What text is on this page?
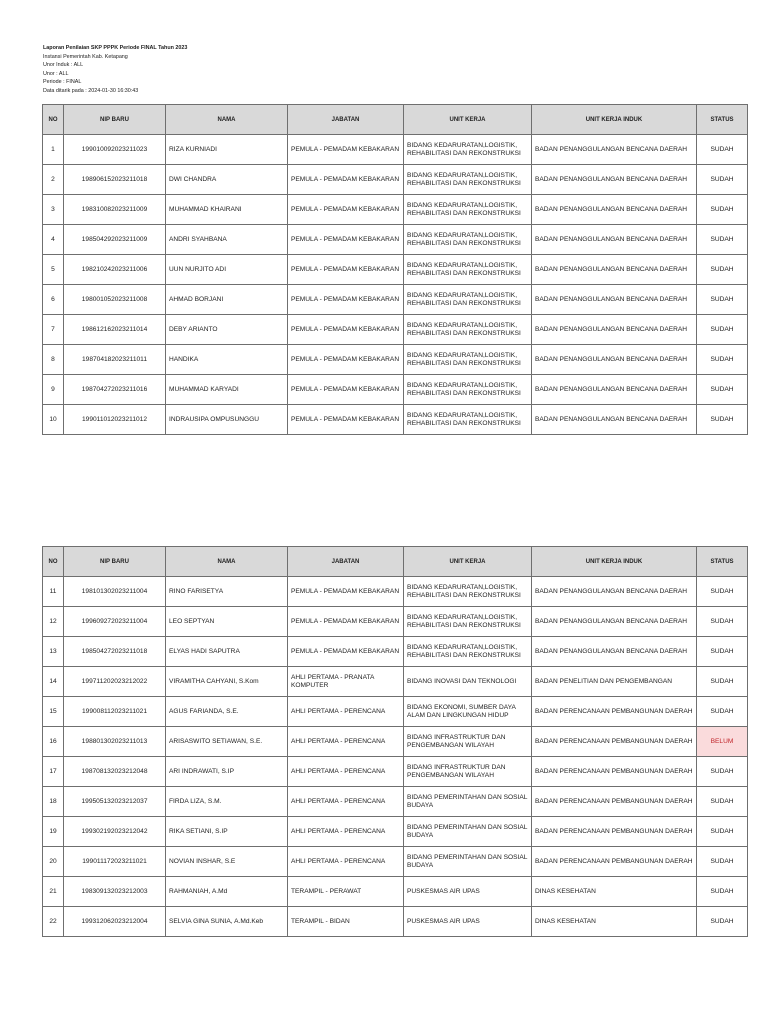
Laporan Penilaian SKP PPPK Periode FINAL Tahun 2023
Instansi Pemerintah Kab. Ketapang
Unor Induk : ALL
Unor : ALL
Periode : FINAL
Data ditarik pada : 2024-01-30 16:30:43
NO	NIP BARU	NAMA	JABATAN	UNIT KERJA	UNIT KERJA INDUK	STATUS
1	199010092023211023	RIZA KURNIADI	PEMULA - PEMADAM KEBAKARAN	BIDANG KEDARURATAN,LOGISTIK, REHABILITASI DAN REKONSTRUKSI	BADAN PENANGGULANGAN BENCANA DAERAH	SUDAH
2	198906152023211018	DWI CHANDRA	PEMULA - PEMADAM KEBAKARAN	BIDANG KEDARURATAN,LOGISTIK, REHABILITASI DAN REKONSTRUKSI	BADAN PENANGGULANGAN BENCANA DAERAH	SUDAH
3	198310082023211009	MUHAMMAD KHAIRANI	PEMULA - PEMADAM KEBAKARAN	BIDANG KEDARURATAN,LOGISTIK, REHABILITASI DAN REKONSTRUKSI	BADAN PENANGGULANGAN BENCANA DAERAH	SUDAH
4	198504292023211009	ANDRI SYAHBANA	PEMULA - PEMADAM KEBAKARAN	BIDANG KEDARURATAN,LOGISTIK, REHABILITASI DAN REKONSTRUKSI	BADAN PENANGGULANGAN BENCANA DAERAH	SUDAH
5	198210242023211006	UUN NURJITO ADI	PEMULA - PEMADAM KEBAKARAN	BIDANG KEDARURATAN,LOGISTIK, REHABILITASI DAN REKONSTRUKSI	BADAN PENANGGULANGAN BENCANA DAERAH	SUDAH
6	198001052023211008	AHMAD BORJANI	PEMULA - PEMADAM KEBAKARAN	BIDANG KEDARURATAN,LOGISTIK, REHABILITASI DAN REKONSTRUKSI	BADAN PENANGGULANGAN BENCANA DAERAH	SUDAH
7	198612162023211014	DEBY ARIANTO	PEMULA - PEMADAM KEBAKARAN	BIDANG KEDARURATAN,LOGISTIK, REHABILITASI DAN REKONSTRUKSI	BADAN PENANGGULANGAN BENCANA DAERAH	SUDAH
8	198704182023211011	HANDIKA	PEMULA - PEMADAM KEBAKARAN	BIDANG KEDARURATAN,LOGISTIK, REHABILITASI DAN REKONSTRUKSI	BADAN PENANGGULANGAN BENCANA DAERAH	SUDAH
9	198704272023211016	MUHAMMAD KARYADI	PEMULA - PEMADAM KEBAKARAN	BIDANG KEDARURATAN,LOGISTIK, REHABILITASI DAN REKONSTRUKSI	BADAN PENANGGULANGAN BENCANA DAERAH	SUDAH
10	199011012023211012	INDRAUSIPA OMPUSUNGGU	PEMULA - PEMADAM KEBAKARAN	BIDANG KEDARURATAN,LOGISTIK, REHABILITASI DAN REKONSTRUKSI	BADAN PENANGGULANGAN BENCANA DAERAH	SUDAH
NO	NIP BARU	NAMA	JABATAN	UNIT KERJA	UNIT KERJA INDUK	STATUS
11	198101302023211004	RINO FARISETYA	PEMULA - PEMADAM KEBAKARAN	BIDANG KEDARURATAN,LOGISTIK, REHABILITASI DAN REKONSTRUKSI	BADAN PENANGGULANGAN BENCANA DAERAH	SUDAH
12	199609272023211004	LEO SEPTYAN	PEMULA - PEMADAM KEBAKARAN	BIDANG KEDARURATAN,LOGISTIK, REHABILITASI DAN REKONSTRUKSI	BADAN PENANGGULANGAN BENCANA DAERAH	SUDAH
13	198504272023211018	ELYAS HADI SAPUTRA	PEMULA - PEMADAM KEBAKARAN	BIDANG KEDARURATAN,LOGISTIK, REHABILITASI DAN REKONSTRUKSI	BADAN PENANGGULANGAN BENCANA DAERAH	SUDAH
14	199711202023212022	VIRAMITHA CAHYANI, S.Kom	AHLI PERTAMA - PRANATA KOMPUTER	BIDANG INOVASI DAN TEKNOLOGI	BADAN PENELITIAN DAN PENGEMBANGAN	SUDAH
15	199008112023211021	AGUS FARIANDA, S.E.	AHLI PERTAMA - PERENCANA	BIDANG EKONOMI, SUMBER DAYA ALAM DAN LINGKUNGAN HIDUP	BADAN PERENCANAAN PEMBANGUNAN DAERAH	SUDAH
16	198801302023211013	ARISASWITO SETIAWAN, S.E.	AHLI PERTAMA - PERENCANA	BIDANG INFRASTRUKTUR DAN PENGEMBANGAN WILAYAH	BADAN PERENCANAAN PEMBANGUNAN DAERAH	BELUM
17	198708132023212048	ARI INDRAWATI, S.IP	AHLI PERTAMA - PERENCANA	BIDANG INFRASTRUKTUR DAN PENGEMBANGAN WILAYAH	BADAN PERENCANAAN PEMBANGUNAN DAERAH	SUDAH
18	199505132023212037	FIRDA LIZA, S.M.	AHLI PERTAMA - PERENCANA	BIDANG PEMERINTAHAN DAN SOSIAL BUDAYA	BADAN PERENCANAAN PEMBANGUNAN DAERAH	SUDAH
19	199302192023212042	RIKA SETIANI, S.IP	AHLI PERTAMA - PERENCANA	BIDANG PEMERINTAHAN DAN SOSIAL BUDAYA	BADAN PERENCANAAN PEMBANGUNAN DAERAH	SUDAH
20	199011172023211021	NOVIAN INSHAR, S.E	AHLI PERTAMA - PERENCANA	BIDANG PEMERINTAHAN DAN SOSIAL BUDAYA	BADAN PERENCANAAN PEMBANGUNAN DAERAH	SUDAH
21	198309132023212003	RAHMANIAH, A.Md	TERAMPIL - PERAWAT	PUSKESMAS AIR UPAS	DINAS KESEHATAN	SUDAH
22	199312062023212004	SELVIA GINA SUNIA, A.Md.Keb	TERAMPIL - BIDAN	PUSKESMAS AIR UPAS	DINAS KESEHATAN	SUDAH
